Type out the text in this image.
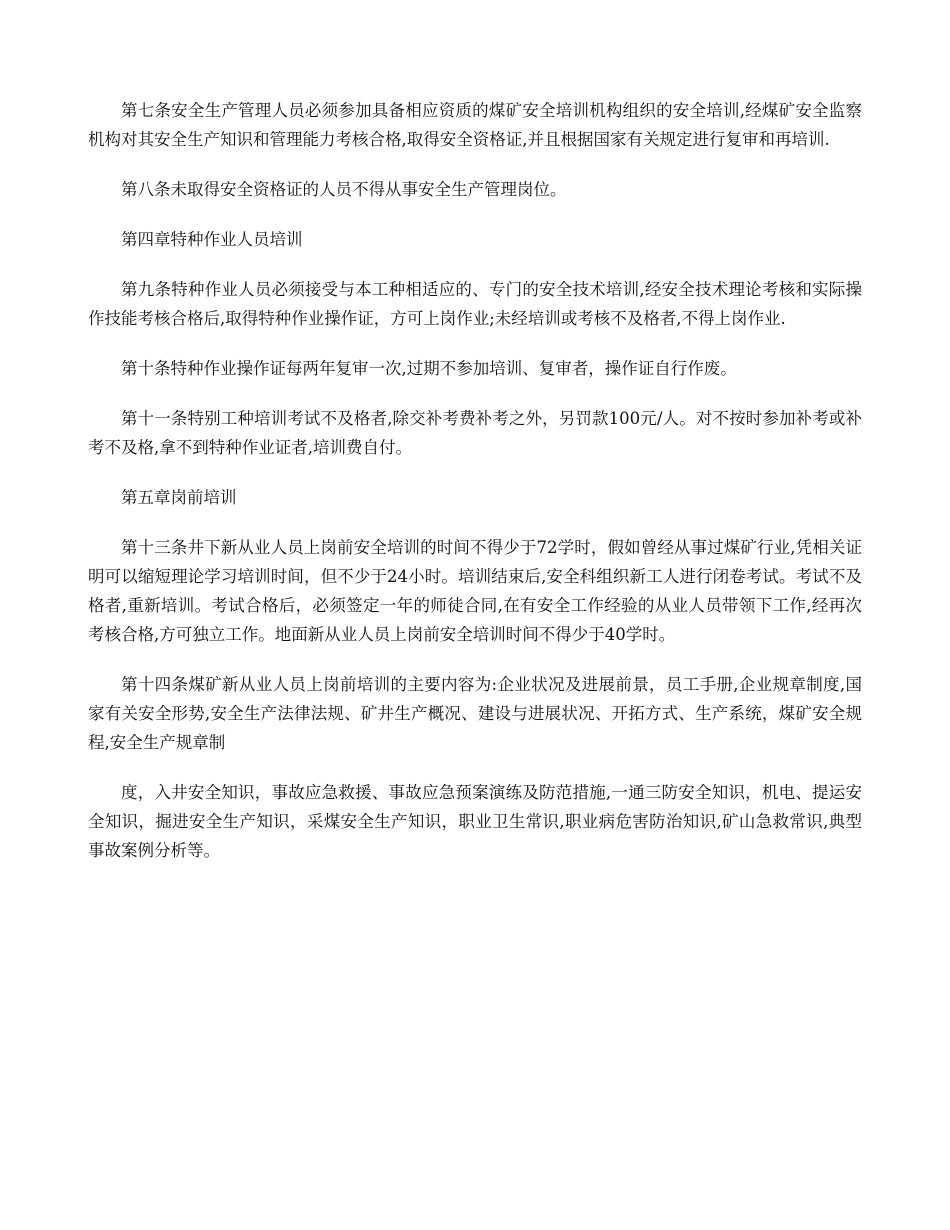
第七条安全生产管理人员必须参加具备相应资质的煤矿安全培训机构组织的安全培训,经煤矿安全监察机构对其安全生产知识和管理能力考核合格,取得安全资格证,并且根据国家有关规定进行复审和再培训.

第八条未取得安全资格证的人员不得从事安全生产管理岗位。

第四章特种作业人员培训

第九条特种作业人员必须接受与本工种相适应的、专门的安全技术培训,经安全技术理论考核和实际操作技能考核合格后,取得特种作业操作证，方可上岗作业;未经培训或考核不及格者,不得上岗作业.

第十条特种作业操作证每两年复审一次,过期不参加培训、复审者，操作证自行作废。

第十一条特别工种培训考试不及格者,除交补考费补考之外，另罚款100元/人。对不按时参加补考或补考不及格,拿不到特种作业证者,培训费自付。

第五章岗前培训

第十三条井下新从业人员上岗前安全培训的时间不得少于72学时，假如曾经从事过煤矿行业,凭相关证明可以缩短理论学习培训时间，但不少于24小时。培训结束后,安全科组织新工人进行闭卷考试。考试不及格者,重新培训。考试合格后，必须签定一年的师徒合同,在有安全工作经验的从业人员带领下工作,经再次考核合格,方可独立工作。地面新从业人员上岗前安全培训时间不得少于40学时。

第十四条煤矿新从业人员上岗前培训的主要内容为:企业状况及进展前景，员工手册,企业规章制度,国家有关安全形势,安全生产法律法规、矿井生产概况、建设与进展状况、开拓方式、生产系统，煤矿安全规程,安全生产规章制

度，入井安全知识，事故应急救援、事故应急预案演练及防范措施,一通三防安全知识，机电、提运安全知识，掘进安全生产知识，采煤安全生产知识，职业卫生常识,职业病危害防治知识,矿山急救常识,典型事故案例分析等。
